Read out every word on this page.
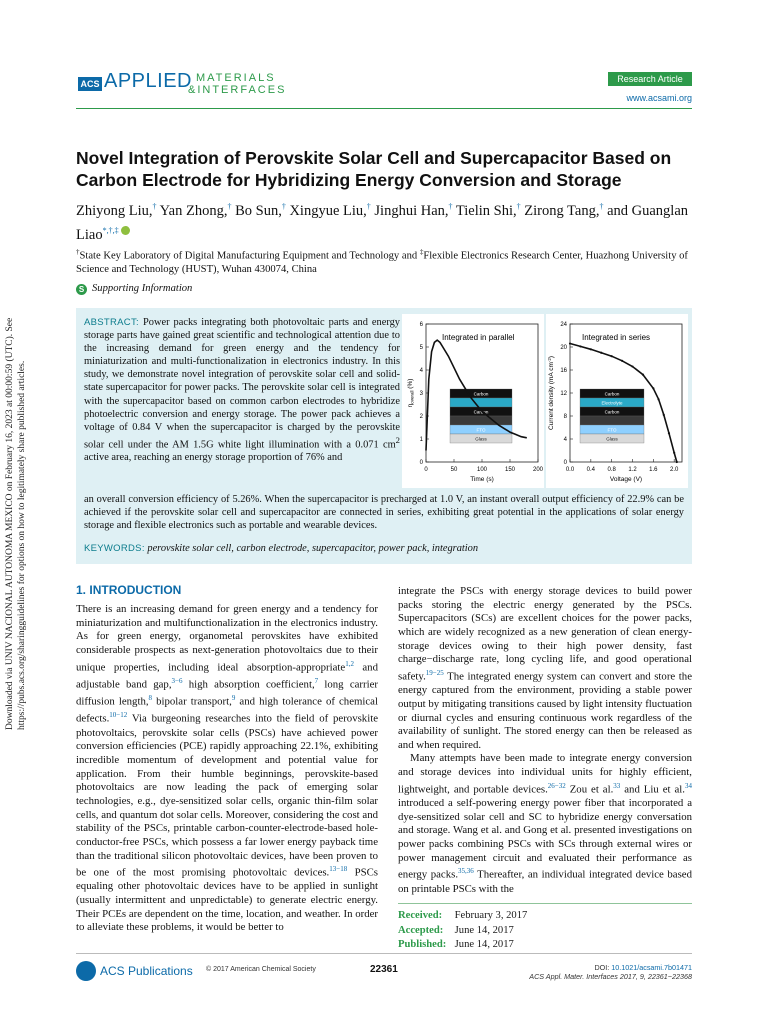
Downloaded via UNIV NACIONAL AUTONOMA MEXICO on February 16, 2023 at 00:00:59 (UTC). See https://pubs.acs.org/sharingguidelines for options on how to legitimately share published articles.
ACS APPLIED MATERIALS
&INTERFACES
Research Article
www.acsami.org
Novel Integration of Perovskite Solar Cell and Supercapacitor Based on Carbon Electrode for Hybridizing Energy Conversion and Storage
Zhiyong Liu,† Yan Zhong,† Bo Sun,† Xingyue Liu,† Jinghui Han,† Tielin Shi,† Zirong Tang,† and Guanglan Liao*,†,‡
†State Key Laboratory of Digital Manufacturing Equipment and Technology and ‡Flexible Electronics Research Center, Huazhong University of Science and Technology (HUST), Wuhan 430074, China
S Supporting Information
ABSTRACT: Power packs integrating both photovoltaic parts and energy storage parts have gained great scientific and technological attention due to the increasing demand for green energy and the tendency for miniaturization and multi-functionalization in electronics industry. In this study, we demonstrate novel integration of perovskite solar cell and solid-state supercapacitor for power packs. The perovskite solar cell is integrated with the supercapacitor based on common carbon electrodes to hybridize photoelectric conversion and energy storage. The power pack achieves a voltage of 0.84 V when the supercapacitor is charged by the perovskite solar cell under the AM 1.5G white light illumination with a 0.071 $cm^2$ active area, reaching an energy storage proportion of 76% and
0	50	100	150	200
0
1
2
3
4
5
6
Time (s)
$\eta_{overall}$ (%)
Integrated in parallel
Carbon
Carbon
FTO
Glass
0.0 0.4 0.8 1.2 1.6 2.0
0
4
8
12
16
20
24
Voltage (V)
Current density (mA $cm^{-2}$)
Integrated in series
Carbon
Electrolyte
Carbon
FTO
Glass
an overall conversion efficiency of 5.26%. When the supercapacitor is precharged at 1.0 V, an instant overall output efficiency of 22.9% can be achieved if the perovskite solar cell and supercapacitor are connected in series, exhibiting great potential in the applications of solar energy storage and flexible electronics such as portable and wearable devices.
KEYWORDS: perovskite solar cell, carbon electrode, supercapacitor, power pack, integration
1. INTRODUCTION

There is an increasing demand for green energy and a tendency for miniaturization and multifunctionalization in the electronics industry. As for green energy, organometal perovskites have exhibited considerable prospects as next-generation photovoltaics due to their unique properties, including ideal absorption-appropriate$^{1,2}$ and adjustable band gap,$^{3-6}$ high absorption coefficient,$^7$ long carrier diffusion length,$^8$ bipolar transport,$^9$ and high tolerance of chemical defects.$^{10-12}$ Via burgeoning researches into the field of perovskite photovoltaics, perovskite solar cells (PSCs) have achieved power conversion efficiencies (PCE) rapidly approaching 22.1%, exhibiting incredible momentum of development and potential value for application. From their humble beginnings, perovskite-based photovoltaics are now leading the pack of emerging solar technologies, e.g., dye-sensitized solar cells, organic thin-film solar cells, and quantum dot solar cells. Moreover, considering the cost and stability of the PSCs, printable carbon-counter-electrode-based hole-conductor-free PSCs, which possess a far lower energy payback time than the traditional silicon photovoltaic devices, have been proven to be one of the most promising photovoltaic devices.$^{13-18}$ PSCs equaling other photovoltaic devices have to be applied in sunlight (usually intermittent and unpredictable) to generate electric energy. Their PCEs are dependent on the time, location, and weather. In order to alleviate these problems, it would be better to

integrate the PSCs with energy storage devices to build power packs storing the electric energy generated by the PSCs. Supercapacitors (SCs) are excellent choices for the power packs, which are widely recognized as a new generation of clean energy-storage devices owing to their high power density, fast charge−discharge rate, long cycling life, and good operational safety.$^{19-25}$ The integrated energy system can convert and store the energy captured from the environment, providing a stable power output by mitigating transitions caused by light intensity fluctuation or diurnal cycles and ensuring continuous work regardless of the availability of sunlight. The stored energy can then be released as and when required.

Many attempts have been made to integrate energy conversion and storage devices into individual units for highly efficient, lightweight, and portable devices.$^{26-32}$ Zou et al.$^{33}$ and Liu et al.$^{34}$ introduced a self-powering energy power fiber that incorporated a dye-sensitized solar cell and SC to hybridize energy conversation and storage. Wang et al. and Gong et al. presented investigations on power packs combining PSCs with SCs through external wires or power management circuit and evaluated their performance as energy packs.$^{35,36}$ Thereafter, an individual integrated device based on printable PSCs with the

Received: February 3, 2017
Accepted: June 14, 2017
Published: June 14, 2017
ACS Publications © 2017 American Chemical Society	22361	DOI: 10.1021/acsami.7b01471
ACS Appl. Mater. Interfaces 2017, 9, 22361−22368
